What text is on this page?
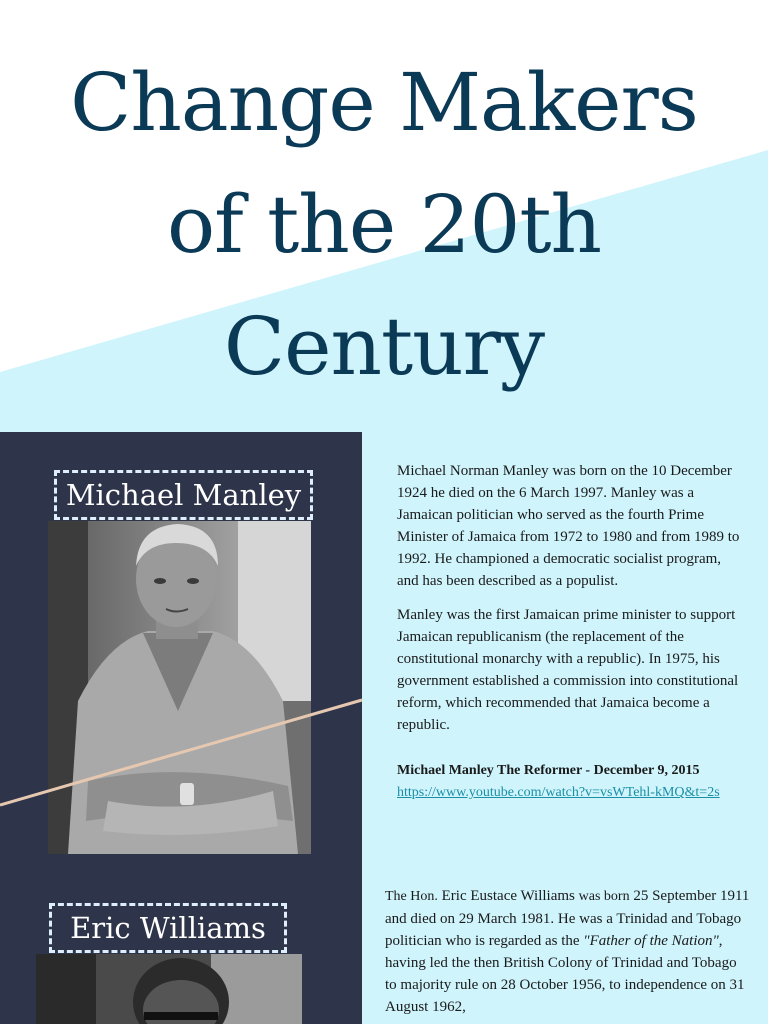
Change Makers
of the 20th
Century
Michael Manley
Eric Williams

Michael Norman Manley was born on the 10 December 1924 he died on the 6 March 1997. Manley was a Jamaican politician who served as the fourth Prime Minister of Jamaica from 1972 to 1980 and from 1989 to 1992. He championed a democratic socialist program, and has been described as a populist.

Manley was the first Jamaican prime minister to support Jamaican republicanism (the replacement of the constitutional monarchy with a republic). In 1975, his government established a commission into constitutional reform, which recommended that Jamaica become a republic.

Michael Manley The Reformer - December 9, 2015

https://www.youtube.com/watch?v=vsWTehl-kMQ&t=2s

The Hon. Eric Eustace Williams was born 25 September 1911 and died on 29 March 1981. He was a Trinidad and Tobago politician who is regarded as the "Father of the Nation", having led the then British Colony of Trinidad and Tobago to majority rule on 28 October 1956, to independence on 31 August 1962,
